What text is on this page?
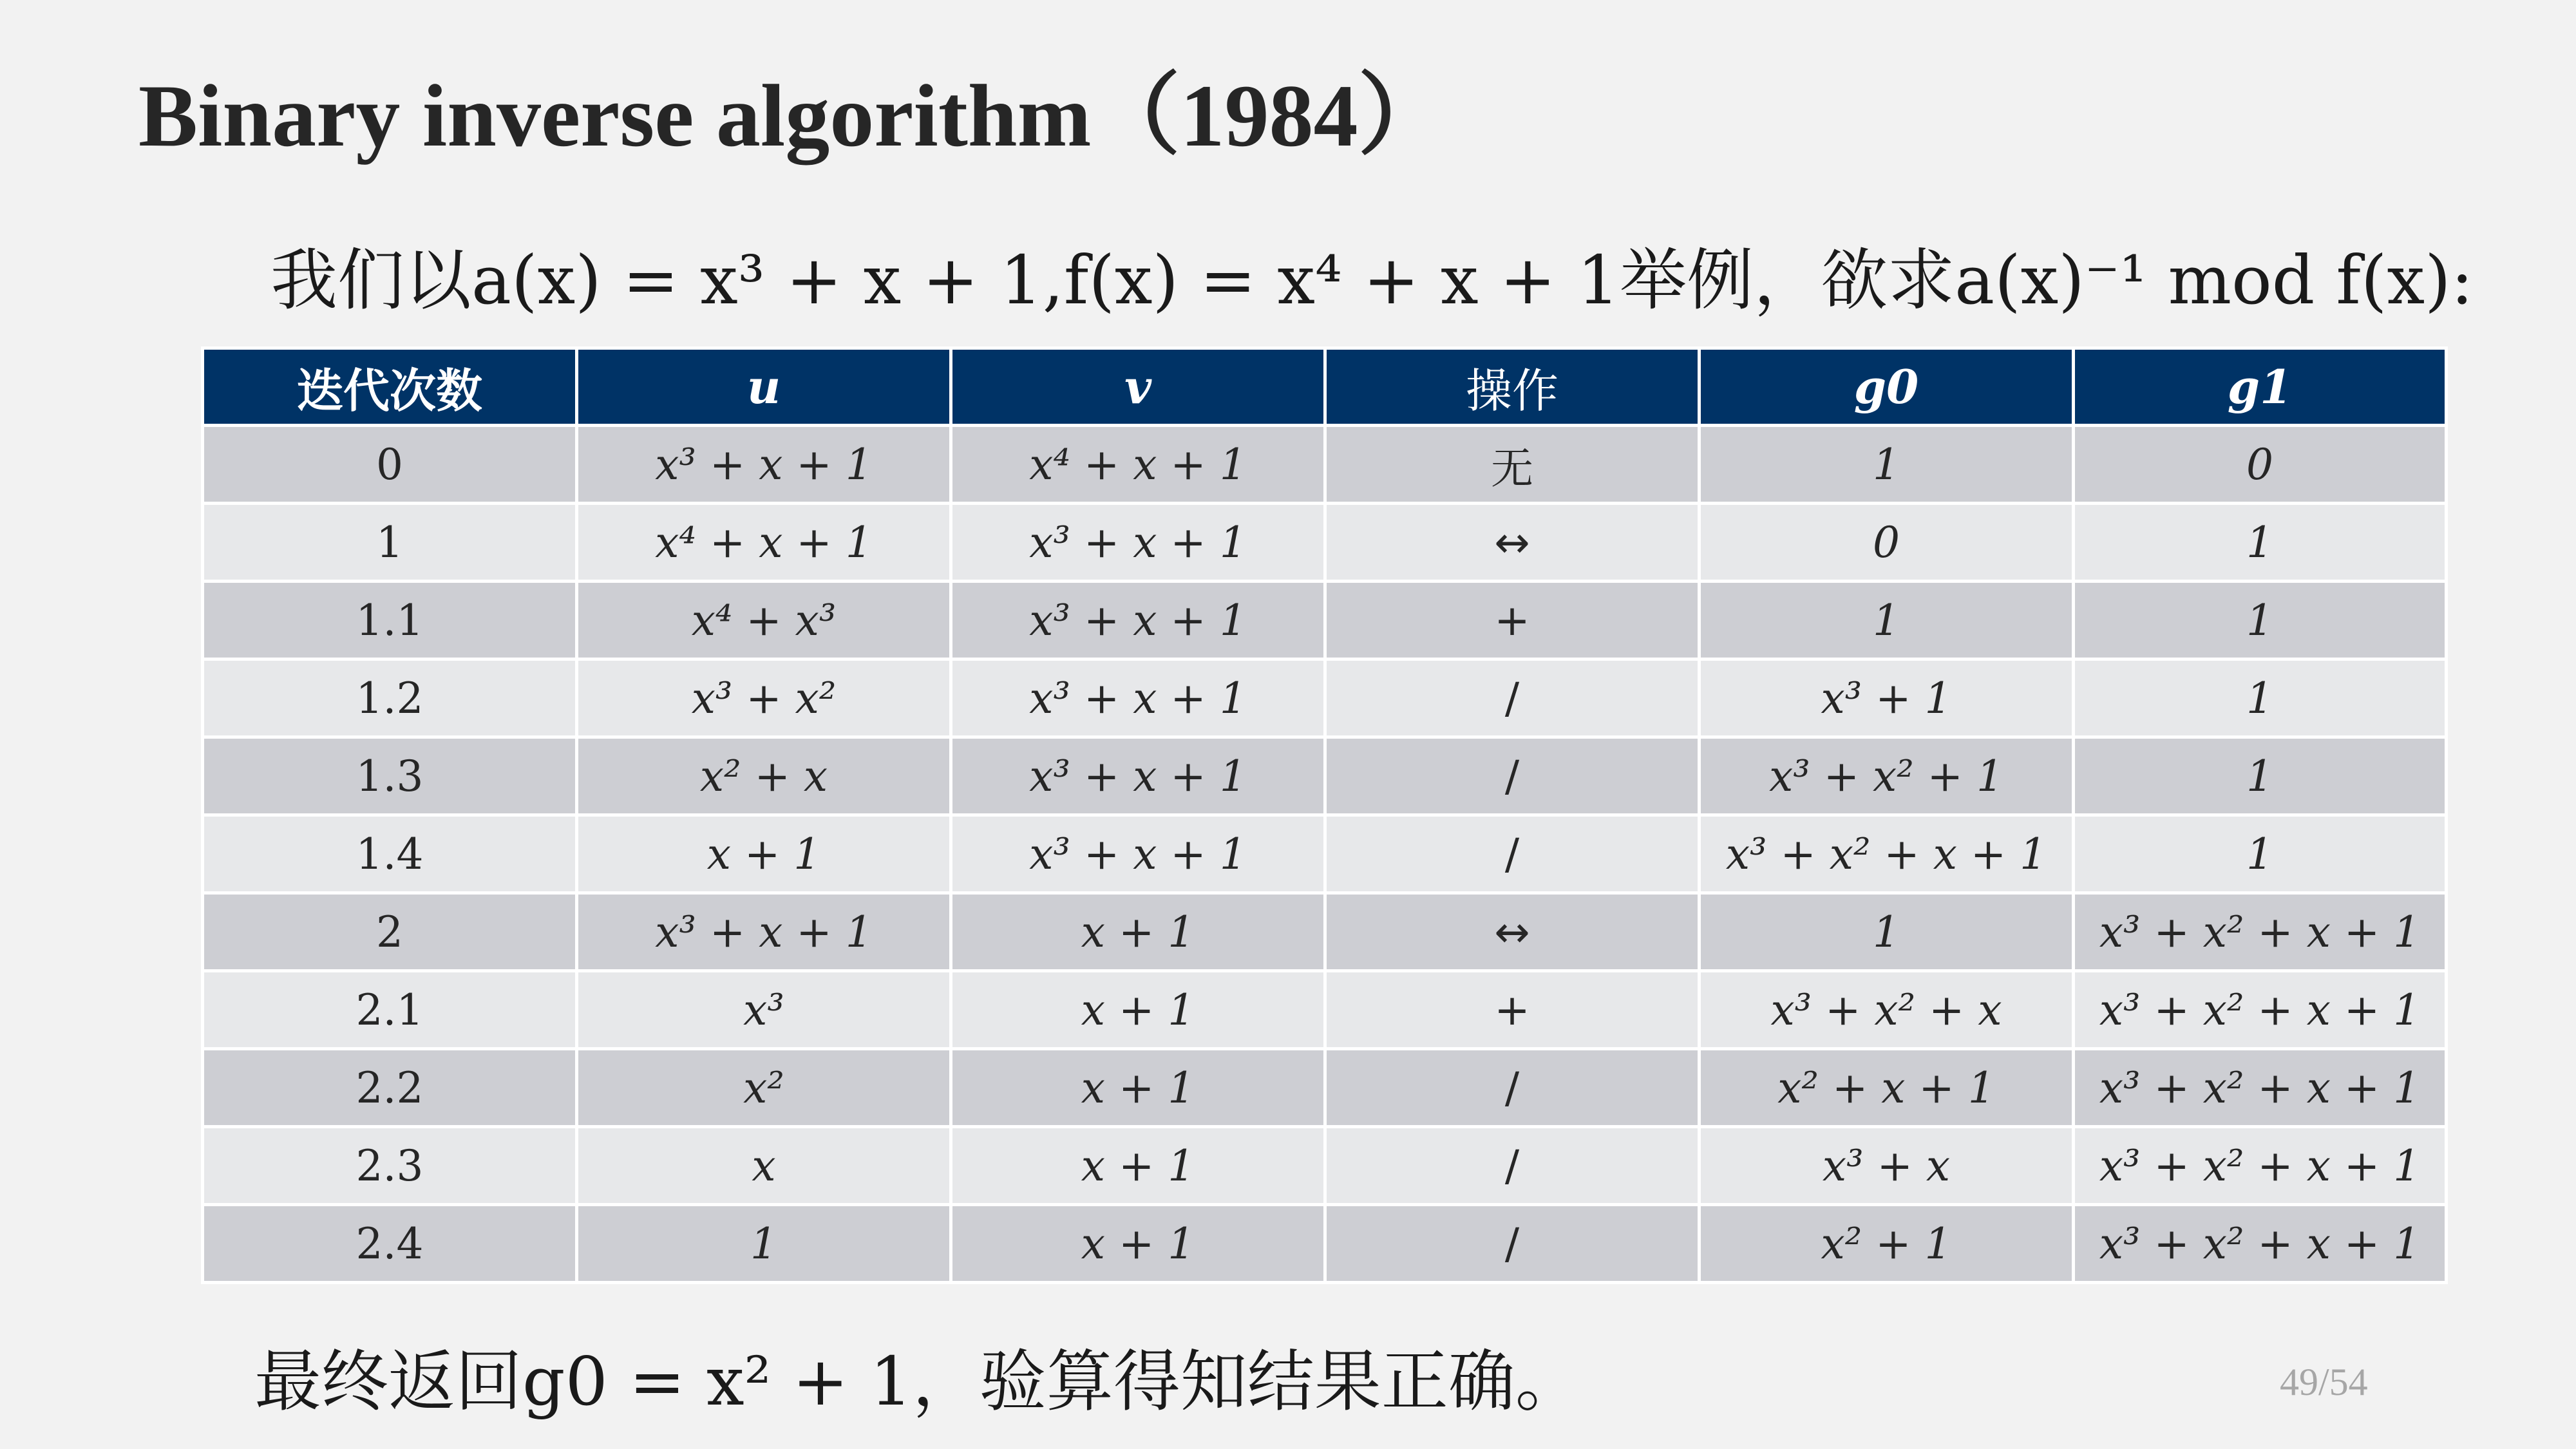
Binary inverse algorithm（1984）
我们以a(x) = x³ + x + 1,f(x) = x⁴ + x + 1举例，欲求a(x)⁻¹ mod f(x):
迭代次数	u	v	操作	g0	g1
0	x³ + x + 1	x⁴ + x + 1	无	1	0
1	x⁴ + x + 1	x³ + x + 1	↔	0	1
1.1	x⁴ + x³	x³ + x + 1	+	1	1
1.2	x³ + x²	x³ + x + 1	/	x³ + 1	1
1.3	x² + x	x³ + x + 1	/	x³ + x² + 1	1
1.4	x + 1	x³ + x + 1	/	x³ + x² + x + 1	1
2	x³ + x + 1	x + 1	↔	1	x³ + x² + x + 1
2.1	x³	x + 1	+	x³ + x² + x	x³ + x² + x + 1
2.2	x²	x + 1	/	x² + x + 1	x³ + x² + x + 1
2.3	x	x + 1	/	x³ + x	x³ + x² + x + 1
2.4	1	x + 1	/	x² + 1	x³ + x² + x + 1
最终返回g0 = x² + 1，验算得知结果正确。	49/54
